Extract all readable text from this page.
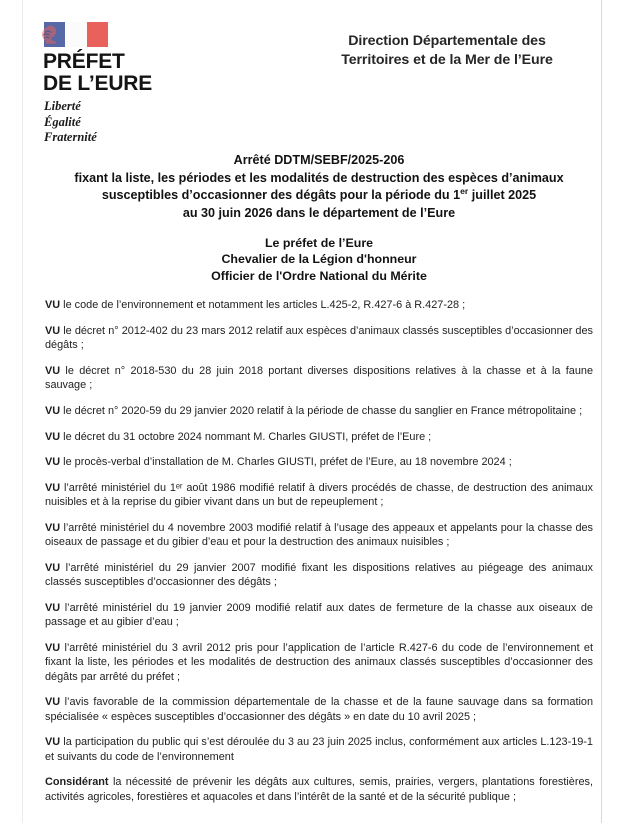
PRÉFET
DE L’EURE
Liberté
Égalité
Fraternité
Direction Départementale des
Territoires et de la Mer de l’Eure
Arrêté DDTM/SEBF/2025-206
fixant la liste, les périodes et les modalités de destruction des espèces d’animaux
susceptibles d’occasionner des dégâts pour la période du 1er juillet 2025
au 30 juin 2026 dans le département de l’Eure
Le préfet de l’Eure
Chevalier de la Légion d'honneur
Officier de l'Ordre National du Mérite

VU le code de l’environnement et notamment les articles L.425-2, R.427-6 à R.427-28 ;

VU le décret n° 2012-402 du 23 mars 2012 relatif aux espèces d’animaux classés susceptibles d’occasionner des dégâts ;

VU le décret n° 2018-530 du 28 juin 2018 portant diverses dispositions relatives à la chasse et à la faune sauvage ;

VU le décret n° 2020-59 du 29 janvier 2020 relatif à la période de chasse du sanglier en France métropolitaine ;

VU le décret du 31 octobre 2024 nommant M. Charles GIUSTI, préfet de l’Eure ;

VU le procès-verbal d’installation de M. Charles GIUSTI, préfet de l’Eure, au 18 novembre 2024 ;

VU l’arrêté ministériel du 1ᵉʳ août 1986 modifié relatif à divers procédés de chasse, de destruction des animaux nuisibles et à la reprise du gibier vivant dans un but de repeuplement ;

VU l’arrêté ministériel du 4 novembre 2003 modifié relatif à l’usage des appeaux et appelants pour la chasse des oiseaux de passage et du gibier d’eau et pour la destruction des animaux nuisibles ;

VU l’arrêté ministériel du 29 janvier 2007 modifié fixant les dispositions relatives au piégeage des animaux classés susceptibles d’occasionner des dégâts ;

VU l’arrêté ministériel du 19 janvier 2009 modifié relatif aux dates de fermeture de la chasse aux oiseaux de passage et au gibier d’eau ;

VU l’arrêté ministériel du 3 avril 2012 pris pour l’application de l’article R.427-6 du code de l’environnement et fixant la liste, les périodes et les modalités de destruction des animaux classés susceptibles d’occasionner des dégâts par arrêté du préfet ;

VU l’avis favorable de la commission départementale de la chasse et de la faune sauvage dans sa formation spécialisée « espèces susceptibles d’occasionner des dégâts » en date du 10 avril 2025 ;

VU la participation du public qui s’est déroulée du 3 au 23 juin 2025 inclus, conformément aux articles L.123-19-1 et suivants du code de l’environnement

Considérant la nécessité de prévenir les dégâts aux cultures, semis, prairies, vergers, plantations forestières, activités agricoles, forestières et aquacoles et dans l’intérêt de la santé et de la sécurité publique ;
